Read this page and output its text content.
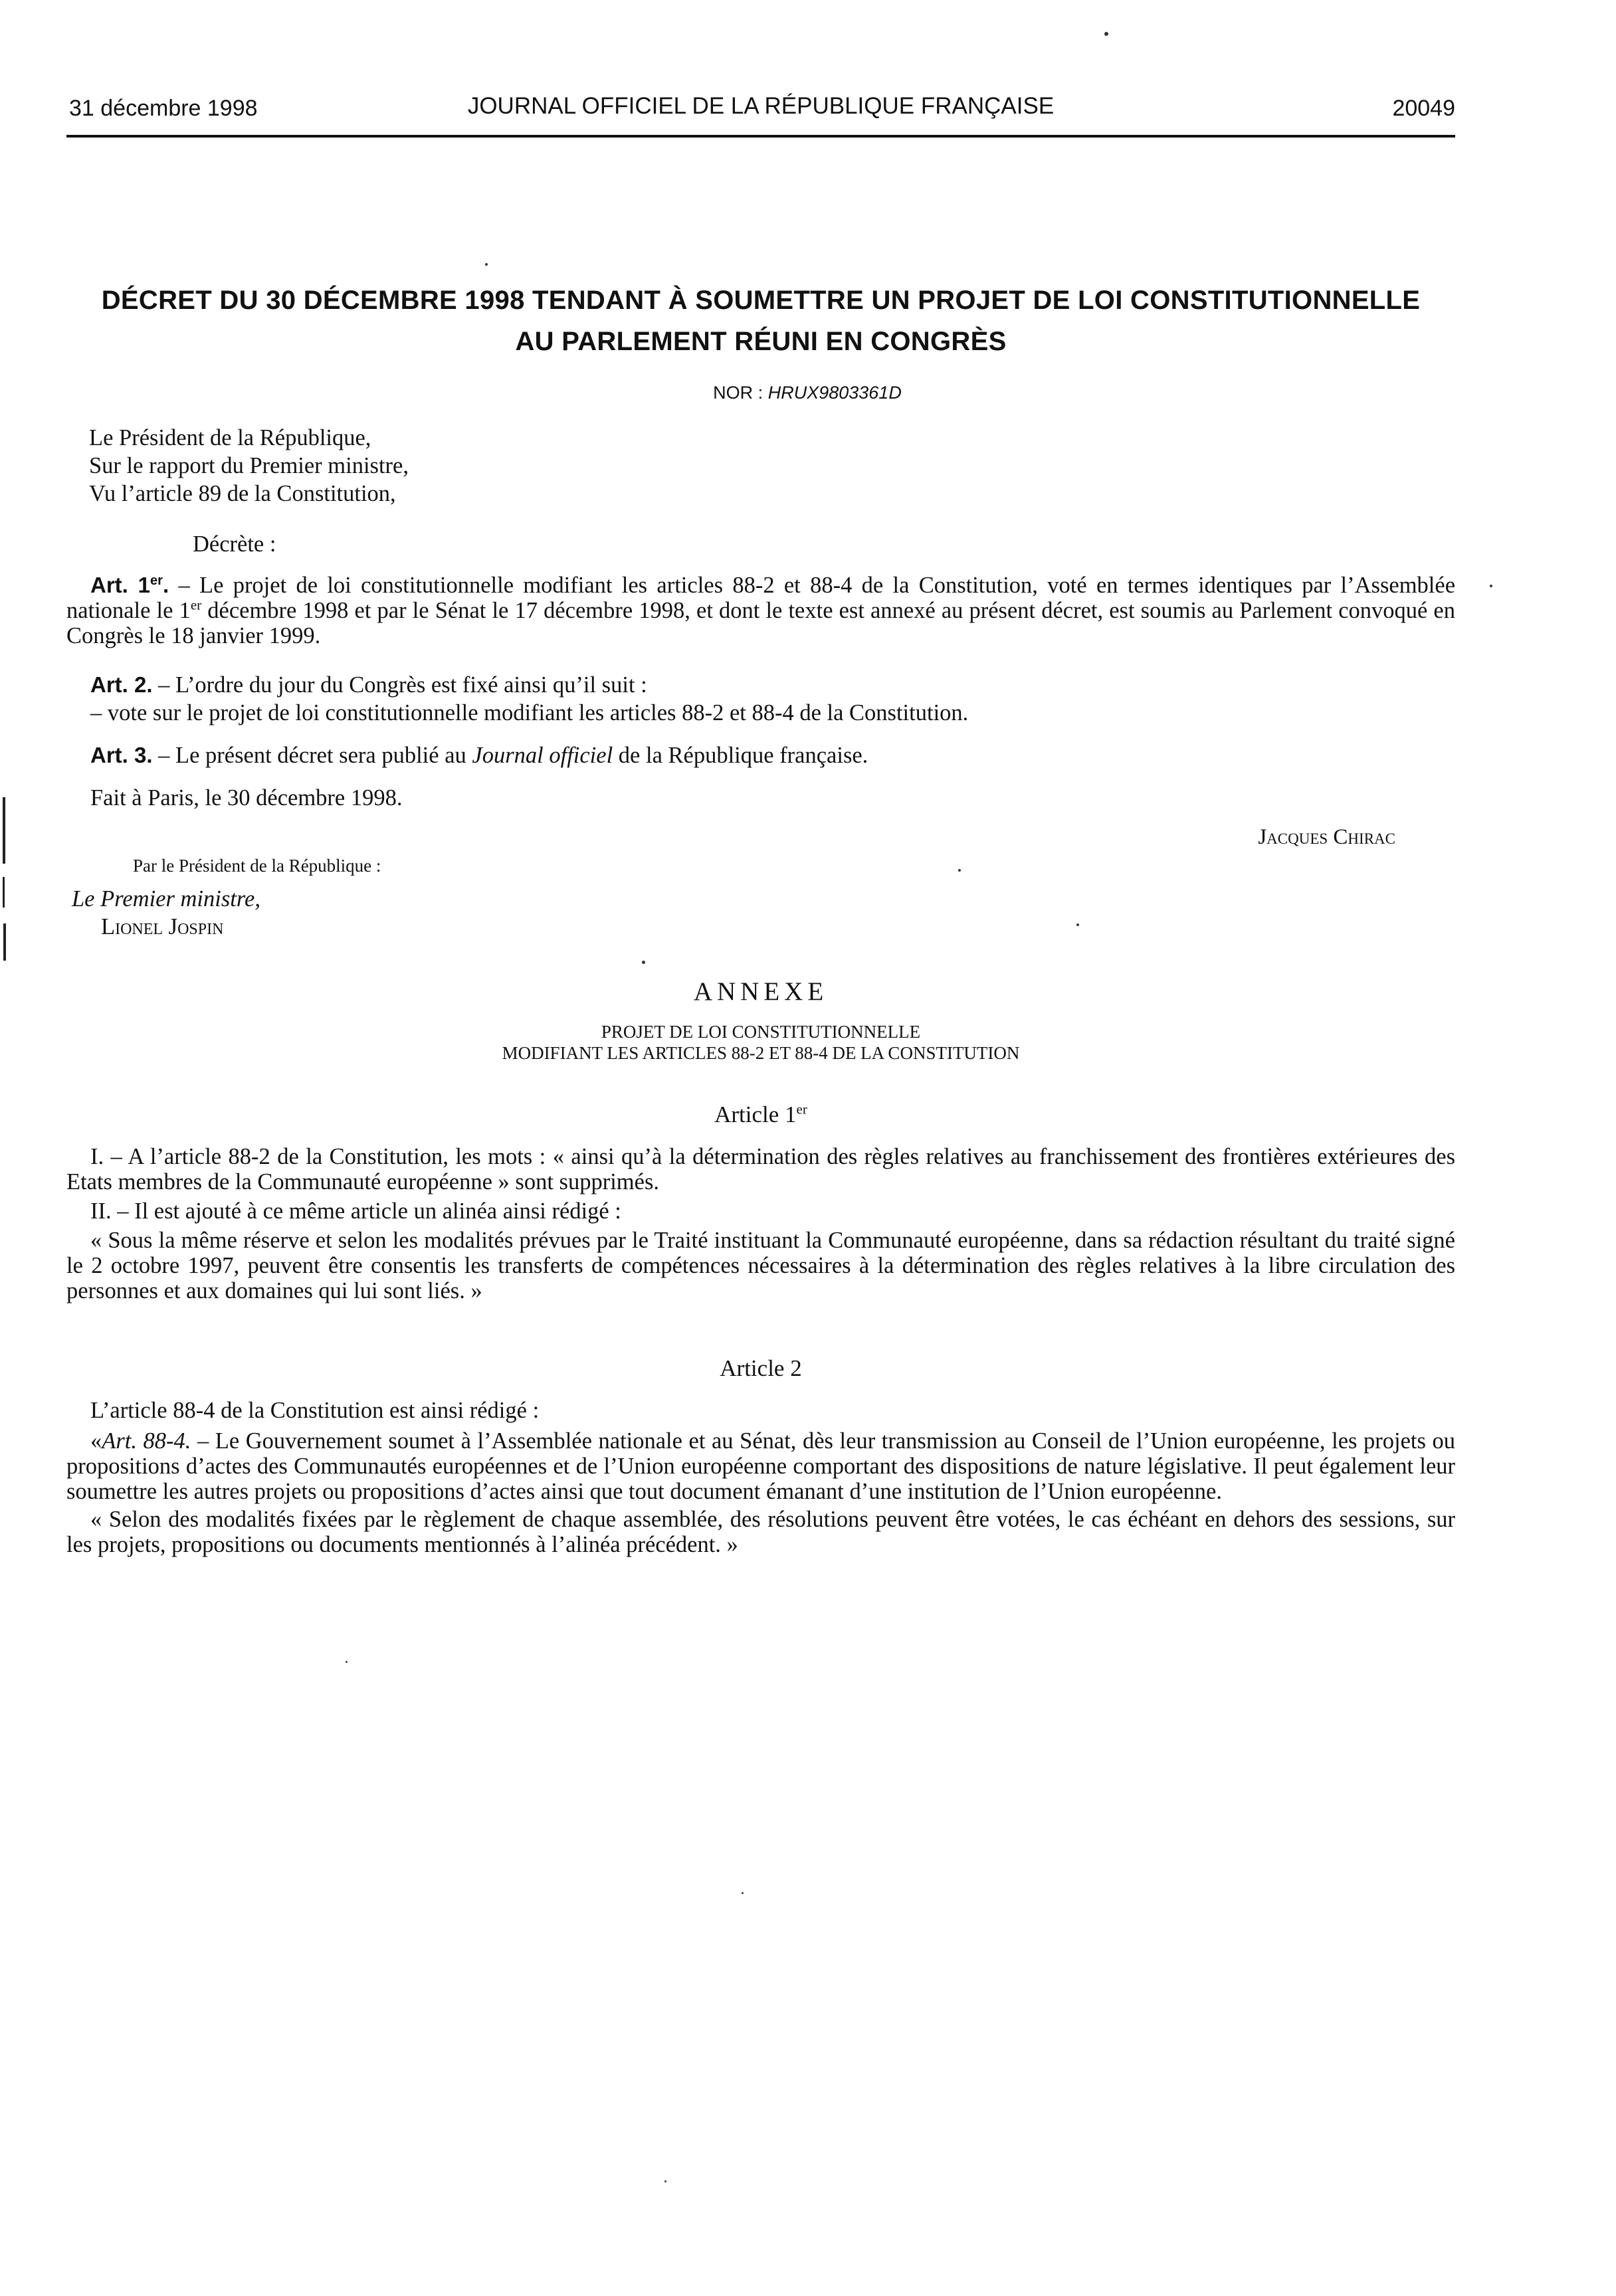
31 décembre 1998	JOURNAL OFFICIEL DE LA RÉPUBLIQUE FRANÇAISE	20049
DÉCRET DU 30 DÉCEMBRE 1998 TENDANT À SOUMETTRE UN PROJET DE LOI CONSTITUTIONNELLE
AU PARLEMENT RÉUNI EN CONGRÈS
NOR : HRUX9803361D
Le Président de la République,
Sur le rapport du Premier ministre,
Vu l’article 89 de la Constitution,
Décrète :

Art. 1er. – Le projet de loi constitutionnelle modifiant les articles 88-2 et 88-4 de la Constitution, voté en termes identiques par l’Assemblée nationale le 1er décembre 1998 et par le Sénat le 17 décembre 1998, et dont le texte est annexé au présent décret, est soumis au Parlement convoqué en Congrès le 18 janvier 1999.

Art. 2. – L’ordre du jour du Congrès est fixé ainsi qu’il suit :

– vote sur le projet de loi constitutionnelle modifiant les articles 88-2 et 88-4 de la Constitution.

Art. 3. – Le présent décret sera publié au Journal officiel de la République française.

Fait à Paris, le 30 décembre 1998.
Jacques Chirac
Par le Président de la République :
Le Premier ministre,
Lionel Jospin
ANNEXE
PROJET DE LOI CONSTITUTIONNELLE
MODIFIANT LES ARTICLES 88-2 ET 88-4 DE LA CONSTITUTION
Article 1er

I. – A l’article 88-2 de la Constitution, les mots : « ainsi qu’à la détermination des règles relatives au franchissement des frontières extérieures des Etats membres de la Communauté européenne » sont supprimés.

II. – Il est ajouté à ce même article un alinéa ainsi rédigé :

« Sous la même réserve et selon les modalités prévues par le Traité instituant la Communauté européenne, dans sa rédaction résultant du traité signé le 2 octobre 1997, peuvent être consentis les transferts de compétences nécessaires à la détermination des règles relatives à la libre circulation des personnes et aux domaines qui lui sont liés. »

Article 2

L’article 88-4 de la Constitution est ainsi rédigé :

«Art. 88-4. – Le Gouvernement soumet à l’Assemblée nationale et au Sénat, dès leur transmission au Conseil de l’Union européenne, les projets ou propositions d’actes des Communautés européennes et de l’Union européenne comportant des dispositions de nature législative. Il peut également leur soumettre les autres projets ou propositions d’actes ainsi que tout document émanant d’une institution de l’Union européenne.

« Selon des modalités fixées par le règlement de chaque assemblée, des résolutions peuvent être votées, le cas échéant en dehors des sessions, sur les projets, propositions ou documents mentionnés à l’alinéa précédent. »
